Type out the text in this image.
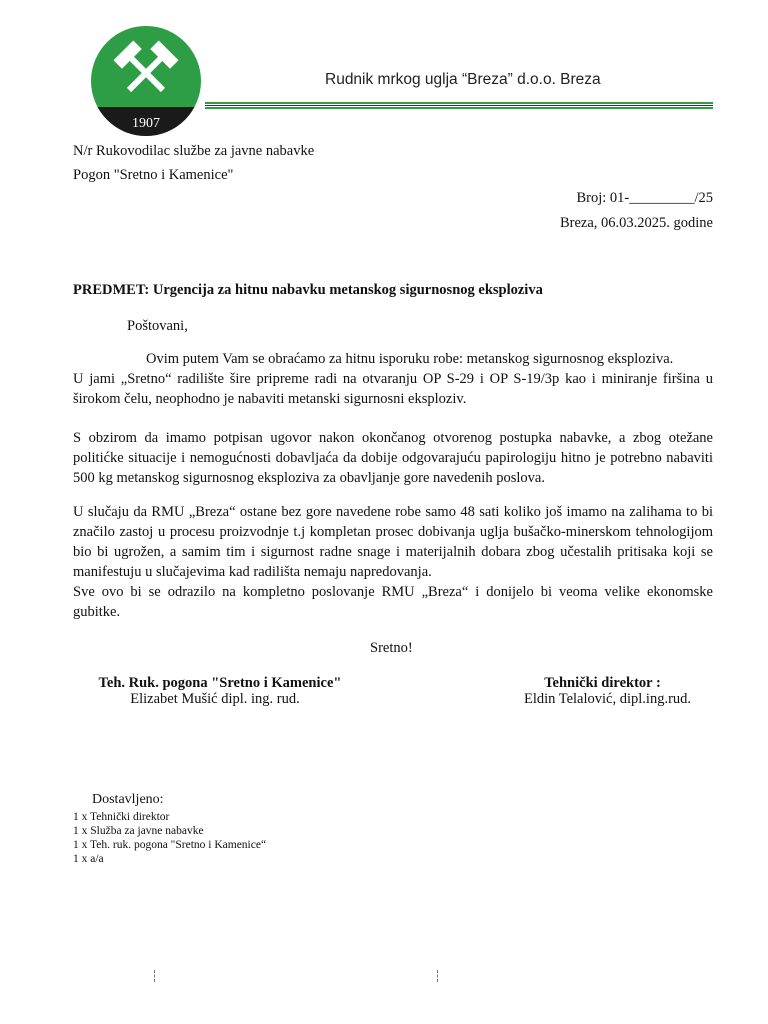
1907
Rudnik mrkog uglja “Breza” d.o.o. Breza
N/r Rukovodilac službe za javne nabavke
Pogon "Sretno i Kamenice"
Broj: 01-_________/25
Breza, 06.03.2025. godine
PREDMET: Urgencija za hitnu nabavku metanskog sigurnosnog eksploziva
Poštovani,

Ovim putem Vam se obraćamo za hitnu isporuku robe: metanskog sigurnosnog eksploziva.

U jami „Sretno“ radilište šire pripreme radi na otvaranju OP S-29 i OP S-19/3p kao i miniranje firšina u širokom čelu, neophodno je nabaviti metanski sigurnosni eksploziv.

S obzirom da imamo potpisan ugovor nakon okončanog otvorenog postupka nabavke, a zbog otežane politićke situacije i nemogućnosti dobavljaća da dobije odgovarajuću papirologiju hitno je potrebno nabaviti 500 kg metanskog sigurnosnog eksploziva za obavljanje gore navedenih poslova.
U slučaju da RMU „Breza“ ostane bez gore navedene robe samo 48 sati koliko još imamo na zalihama to bi značilo zastoj u procesu proizvodnje t.j kompletan prosec dobivanja uglja bušačko-minerskom tehnologijom bio bi ugrožen, a samim tim i sigurnost radne snage i materijalnih dobara zbog učestalih pritisaka koji se manifestuju u slučajevima kad radilišta nemaju napredovanja.
Sve ovo bi se odrazilo na kompletno poslovanje RMU „Breza“ i donijelo bi veoma velike ekonomske gubitke.
Sretno!
Teh. Ruk. pogona "Sretno i Kamenice"
Elizabet Mušić dipl. ing. rud.
Tehnički direktor :
Eldin Telalović, dipl.ing.rud.
Dostavljeno:
1 x Tehnički direktor
1 x Služba za javne nabavke
1 x Teh. ruk. pogona "Sretno i Kamenice“
1 x a/a
